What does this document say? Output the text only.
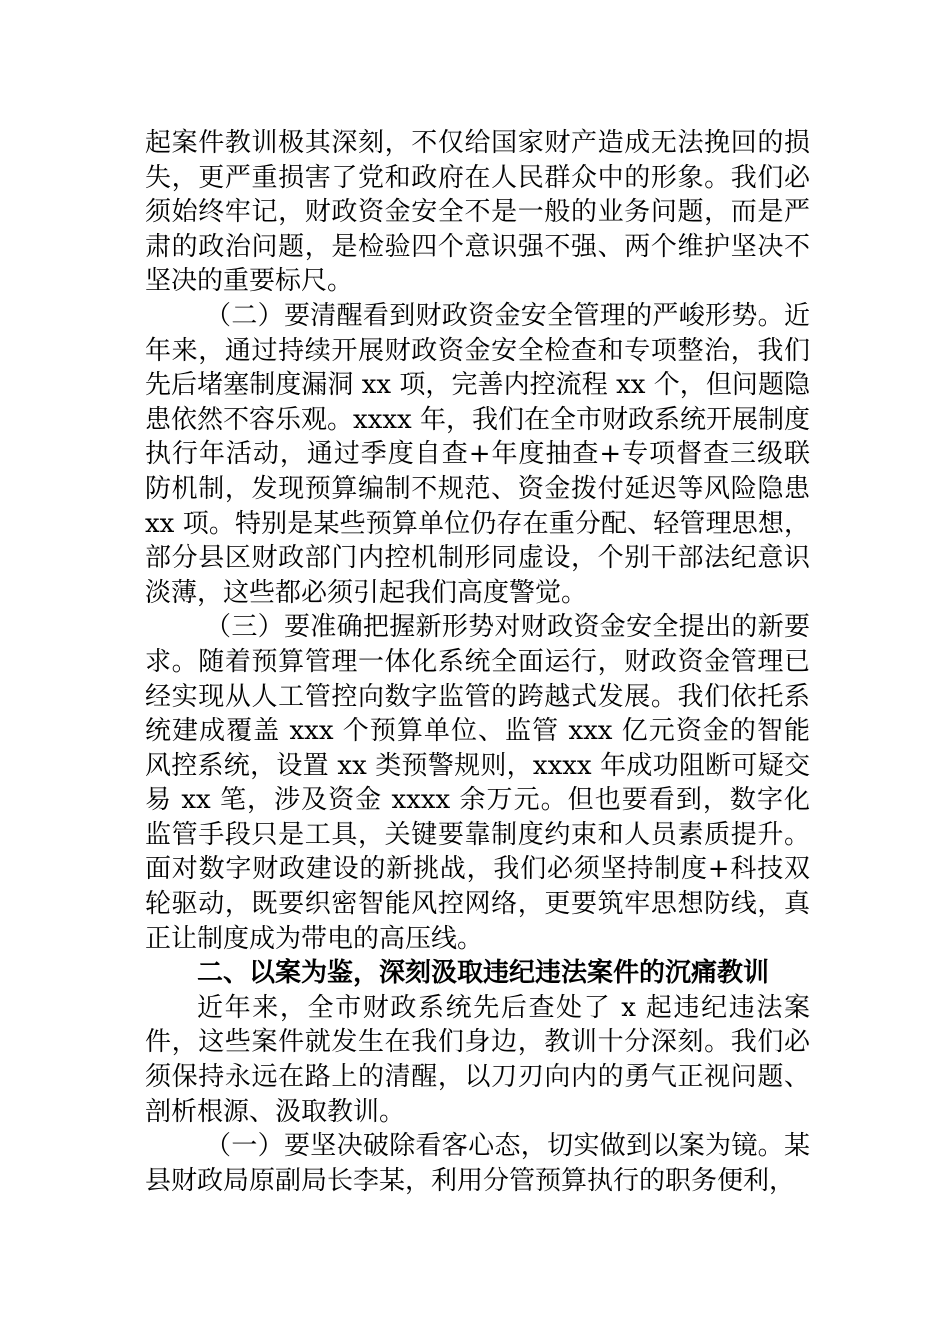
起案件教训极其深刻，不仅给国家财产造成无法挽回的损失，更严重损害了党和政府在人民群众中的形象。我们必须始终牢记，财政资金安全不是一般的业务问题，而是严肃的政治问题，是检验四个意识强不强、两个维护坚决不坚决的重要标尺。

（二）要清醒看到财政资金安全管理的严峻形势。近年来，通过持续开展财政资金安全检查和专项整治，我们先后堵塞制度漏洞 xx 项，完善内控流程 xx 个，但问题隐患依然不容乐观。xxxx 年，我们在全市财政系统开展制度执行年活动，通过季度自查+年度抽查+专项督查三级联防机制，发现预算编制不规范、资金拨付延迟等风险隐患 xx 项。特别是某些预算单位仍存在重分配、轻管理思想，部分县区财政部门内控机制形同虚设，个别干部法纪意识淡薄，这些都必须引起我们高度警觉。

（三）要准确把握新形势对财政资金安全提出的新要求。随着预算管理一体化系统全面运行，财政资金管理已经实现从人工管控向数字监管的跨越式发展。我们依托系统建成覆盖 xxx 个预算单位、监管 xxx 亿元资金的智能风控系统，设置 xx 类预警规则，xxxx 年成功阻断可疑交易 xx 笔，涉及资金 xxxx 余万元。但也要看到，数字化监管手段只是工具，关键要靠制度约束和人员素质提升。面对数字财政建设的新挑战，我们必须坚持制度+科技双轮驱动，既要织密智能风控网络，更要筑牢思想防线，真正让制度成为带电的高压线。

二、以案为鉴，深刻汲取违纪违法案件的沉痛教训

近年来，全市财政系统先后查处了 x 起违纪违法案件，这些案件就发生在我们身边，教训十分深刻。我们必须保持永远在路上的清醒，以刀刃向内的勇气正视问题、剖析根源、汲取教训。

（一）要坚决破除看客心态，切实做到以案为镜。某县财政局原副局长李某，利用分管预算执行的职务便利，
